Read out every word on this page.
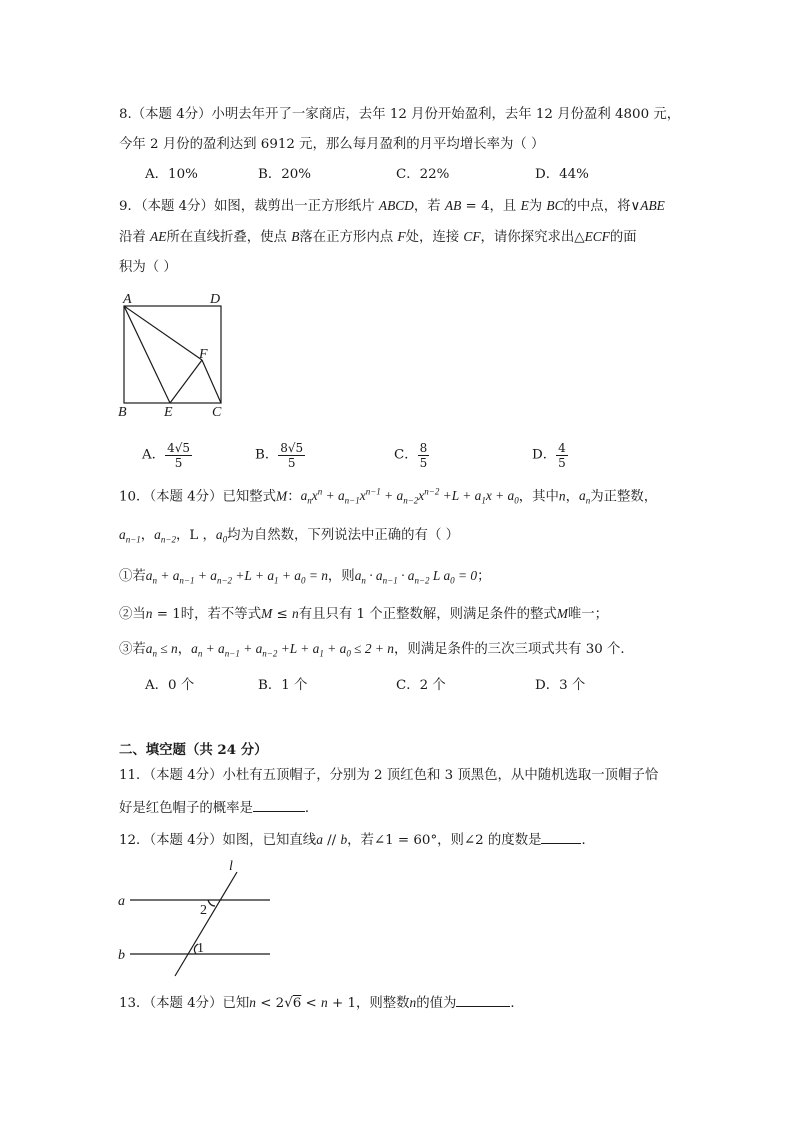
8.（本题 4分）小明去年开了一家商店，去年 12 月份开始盈利，去年 12 月份盈利 4800 元，
今年 2 月份的盈利达到 6912 元，那么每月盈利的月平均增长率为（ ）
A．10%	B．20%	C．22%	D．44%
9．（本题 4分）如图，裁剪出一正方形纸片 ABCD，若 AB = 4，且 E为 BC的中点，将∨ABE
沿着 AE所在直线折叠，使点 B落在正方形内点 F处，连接 CF，请你探究求出△ECF的面
积为（ ）
A	D
F
B	E	C
A． $\frac{4√5}{5}$	B． $\frac{8√5}{5}$	C． $\frac{8}{5}$	D． $\frac{4}{5}$
10．（本题 4分）已知整式M：$a_nx^n + a_{n-1}x^{n-1} + a_{n-2}x^{n-2} +L + a_1x + a_0$，其中n，$a_n$为正整数，
$a_{n-1}$，$a_{n-2}$，L ，$a_0$均为自然数，下列说法中正确的有（ ）
①若$a_n + a_{n-1} + a_{n-2} +L + a_1 + a_0 = n$，则$a_n \cdot a_{n-1} \cdot a_{n-2}$ L $a_0 = 0$；
②当n = 1时，若不等式M ≤ n有且只有 1 个正整数解，则满足条件的整式M唯一；
③若$a_n \le n$，$a_n + a_{n-1} + a_{n-2} +L + a_1 + a_0 \le 2 + n$，则满足条件的三次三项式共有 30 个．
A．0 个	B．1 个	C．2 个	D．3 个
二、填空题（共 24 分）
11．（本题 4分）小杜有五顶帽子，分别为 2 顶红色和 3 顶黑色，从中随机选取一顶帽子恰
好是红色帽子的概率是	．
12．（本题 4分）如图，已知直线a // b，若∠1 = 60°，则∠2 的度数是	．
l
a
b
2
1
13．（本题 4分）已知n < 2√6 < n + 1，则整数n的值为	．
